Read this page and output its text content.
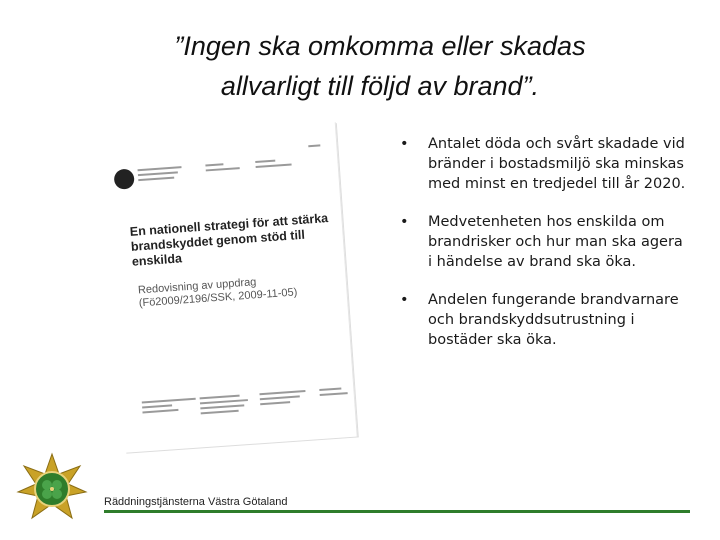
”Ingen ska omkomma eller skadas
allvarligt till följd av brand”.
En nationell strategi för att stärka brandskyddet genom stöd till enskilda
Redovisning av uppdrag (Fö2009/2196/SSK, 2009-11-05)
• Antalet döda och svårt skadade vid bränder i bostadsmiljö ska minskas med minst en tredjedel till år 2020.
• Medvetenheten hos enskilda om brandrisker och hur man ska agera i händelse av brand ska öka.
• Andelen fungerande brandvarnare och brandskyddsutrustning i bostäder ska öka.
Räddningstjänsterna Västra Götaland
